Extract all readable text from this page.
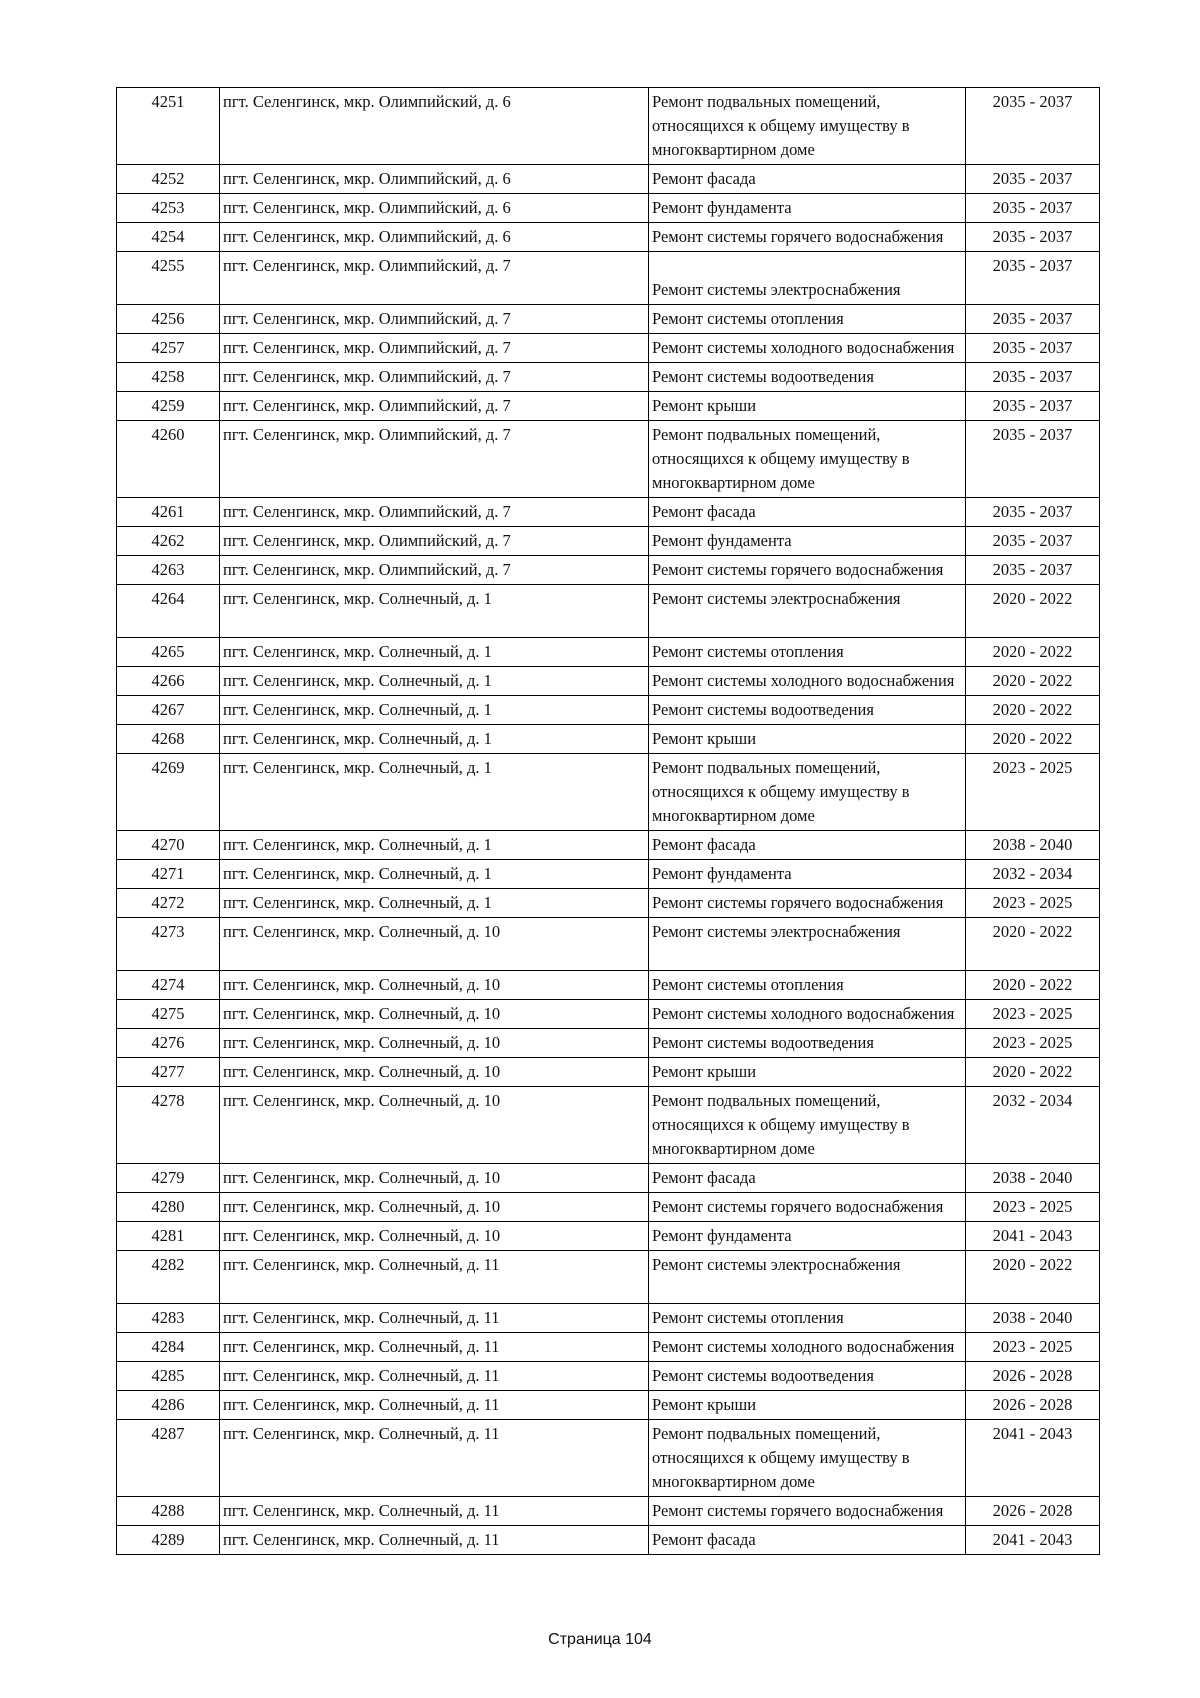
4251	пгт. Селенгинск, мкр. Олимпийский, д. 6	Ремонт подвальных помещений, относящихся к общему имуществу в многоквартирном доме	2035 - 2037
4252	пгт. Селенгинск, мкр. Олимпийский, д. 6	Ремонт фасада	2035 - 2037
4253	пгт. Селенгинск, мкр. Олимпийский, д. 6	Ремонт фундамента	2035 - 2037
4254	пгт. Селенгинск, мкр. Олимпийский, д. 6	Ремонт системы горячего водоснабжения	2035 - 2037
4255	пгт. Селенгинск, мкр. Олимпийский, д. 7	Ремонт системы электроснабжения	2035 - 2037
4256	пгт. Селенгинск, мкр. Олимпийский, д. 7	Ремонт системы отопления	2035 - 2037
4257	пгт. Селенгинск, мкр. Олимпийский, д. 7	Ремонт системы холодного водоснабжения	2035 - 2037
4258	пгт. Селенгинск, мкр. Олимпийский, д. 7	Ремонт системы водоотведения	2035 - 2037
4259	пгт. Селенгинск, мкр. Олимпийский, д. 7	Ремонт крыши	2035 - 2037
4260	пгт. Селенгинск, мкр. Олимпийский, д. 7	Ремонт подвальных помещений, относящихся к общему имуществу в многоквартирном доме	2035 - 2037
4261	пгт. Селенгинск, мкр. Олимпийский, д. 7	Ремонт фасада	2035 - 2037
4262	пгт. Селенгинск, мкр. Олимпийский, д. 7	Ремонт фундамента	2035 - 2037
4263	пгт. Селенгинск, мкр. Олимпийский, д. 7	Ремонт системы горячего водоснабжения	2035 - 2037
4264	пгт. Селенгинск, мкр. Солнечный, д. 1	Ремонт системы электроснабжения	2020 - 2022
4265	пгт. Селенгинск, мкр. Солнечный, д. 1	Ремонт системы отопления	2020 - 2022
4266	пгт. Селенгинск, мкр. Солнечный, д. 1	Ремонт системы холодного водоснабжения	2020 - 2022
4267	пгт. Селенгинск, мкр. Солнечный, д. 1	Ремонт системы водоотведения	2020 - 2022
4268	пгт. Селенгинск, мкр. Солнечный, д. 1	Ремонт крыши	2020 - 2022
4269	пгт. Селенгинск, мкр. Солнечный, д. 1	Ремонт подвальных помещений, относящихся к общему имуществу в многоквартирном доме	2023 - 2025
4270	пгт. Селенгинск, мкр. Солнечный, д. 1	Ремонт фасада	2038 - 2040
4271	пгт. Селенгинск, мкр. Солнечный, д. 1	Ремонт фундамента	2032 - 2034
4272	пгт. Селенгинск, мкр. Солнечный, д. 1	Ремонт системы горячего водоснабжения	2023 - 2025
4273	пгт. Селенгинск, мкр. Солнечный, д. 10	Ремонт системы электроснабжения	2020 - 2022
4274	пгт. Селенгинск, мкр. Солнечный, д. 10	Ремонт системы отопления	2020 - 2022
4275	пгт. Селенгинск, мкр. Солнечный, д. 10	Ремонт системы холодного водоснабжения	2023 - 2025
4276	пгт. Селенгинск, мкр. Солнечный, д. 10	Ремонт системы водоотведения	2023 - 2025
4277	пгт. Селенгинск, мкр. Солнечный, д. 10	Ремонт крыши	2020 - 2022
4278	пгт. Селенгинск, мкр. Солнечный, д. 10	Ремонт подвальных помещений, относящихся к общему имуществу в многоквартирном доме	2032 - 2034
4279	пгт. Селенгинск, мкр. Солнечный, д. 10	Ремонт фасада	2038 - 2040
4280	пгт. Селенгинск, мкр. Солнечный, д. 10	Ремонт системы горячего водоснабжения	2023 - 2025
4281	пгт. Селенгинск, мкр. Солнечный, д. 10	Ремонт фундамента	2041 - 2043
4282	пгт. Селенгинск, мкр. Солнечный, д. 11	Ремонт системы электроснабжения	2020 - 2022
4283	пгт. Селенгинск, мкр. Солнечный, д. 11	Ремонт системы отопления	2038 - 2040
4284	пгт. Селенгинск, мкр. Солнечный, д. 11	Ремонт системы холодного водоснабжения	2023 - 2025
4285	пгт. Селенгинск, мкр. Солнечный, д. 11	Ремонт системы водоотведения	2026 - 2028
4286	пгт. Селенгинск, мкр. Солнечный, д. 11	Ремонт крыши	2026 - 2028
4287	пгт. Селенгинск, мкр. Солнечный, д. 11	Ремонт подвальных помещений, относящихся к общему имуществу в многоквартирном доме	2041 - 2043
4288	пгт. Селенгинск, мкр. Солнечный, д. 11	Ремонт системы горячего водоснабжения	2026 - 2028
4289	пгт. Селенгинск, мкр. Солнечный, д. 11	Ремонт фасада	2041 - 2043
Страница 104
